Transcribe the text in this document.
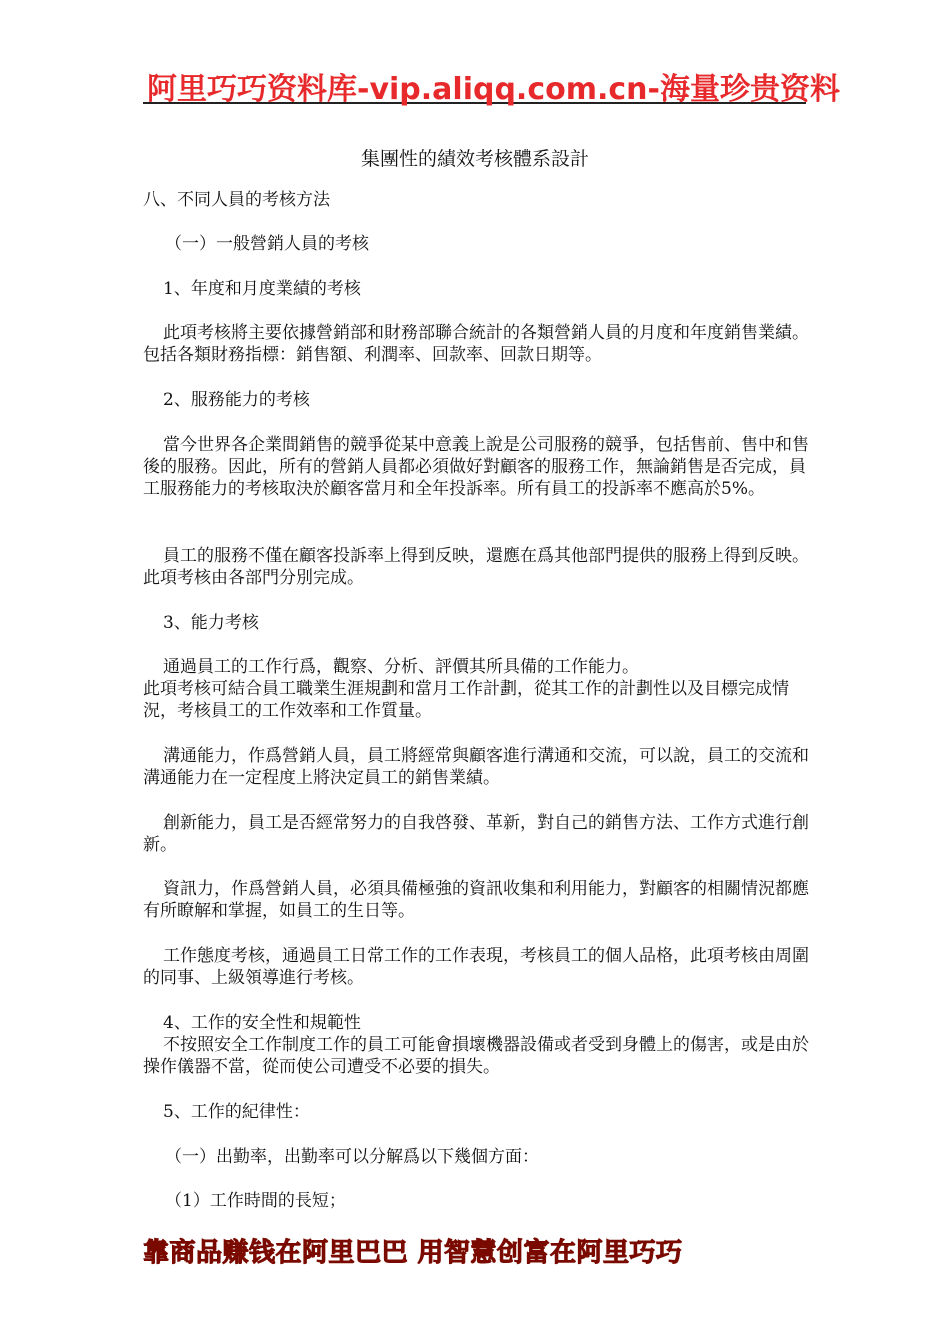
阿里巧巧资料库-vip.aliqq.com.cn-海量珍贵资料
集團性的績效考核體系設計

八、不同人員的考核方法

（一）一般營銷人員的考核

1、年度和月度業績的考核

此項考核將主要依據營銷部和財務部聯合統計的各類營銷人員的月度和年度銷售業績。包括各類財務指標：銷售額、利潤率、回款率、回款日期等。

2、服務能力的考核

當今世界各企業間銷售的競爭從某中意義上說是公司服務的競爭，包括售前、售中和售後的服務。因此，所有的營銷人員都必須做好對顧客的服務工作，無論銷售是否完成，員工服務能力的考核取決於顧客當月和全年投訴率。所有員工的投訴率不應高於5%。

員工的服務不僅在顧客投訴率上得到反映，還應在爲其他部門提供的服務上得到反映。此項考核由各部門分別完成。

3、能力考核

通過員工的工作行爲，觀察、分析、評價其所具備的工作能力。

此項考核可結合員工職業生涯規劃和當月工作計劃，從其工作的計劃性以及目標完成情況，考核員工的工作效率和工作質量。

溝通能力，作爲營銷人員，員工將經常與顧客進行溝通和交流，可以說，員工的交流和溝通能力在一定程度上將決定員工的銷售業績。

創新能力，員工是否經常努力的自我啓發、革新，對自己的銷售方法、工作方式進行創新。

資訊力，作爲營銷人員，必須具備極強的資訊收集和利用能力，對顧客的相關情況都應有所瞭解和掌握，如員工的生日等。

工作態度考核，通過員工日常工作的工作表現，考核員工的個人品格，此項考核由周圍的同事、上級領導進行考核。

4、工作的安全性和規範性

不按照安全工作制度工作的員工可能會損壞機器設備或者受到身體上的傷害，或是由於操作儀器不當，從而使公司遭受不必要的損失。

5、工作的紀律性：

（一）出勤率，出勤率可以分解爲以下幾個方面：

（1）工作時間的長短；

靠商品赚钱在阿里巴巴 用智慧创富在阿里巧巧
